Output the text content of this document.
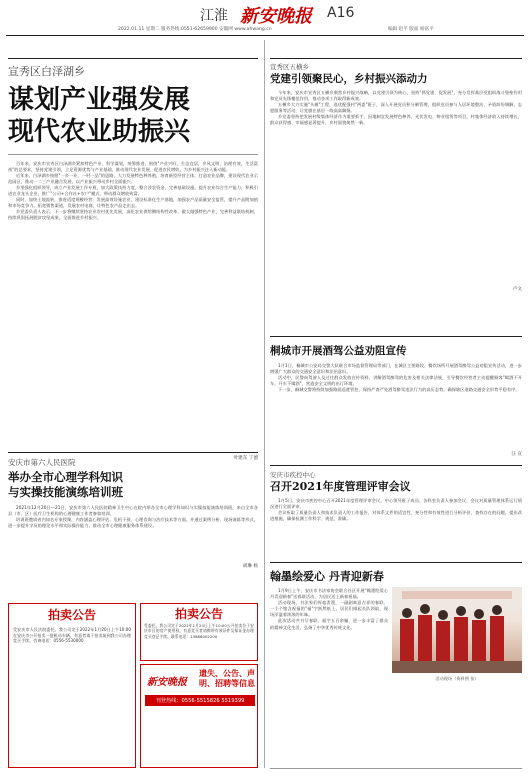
江淮 新安晚报 A16
2022.01.11 星期二 服务热线:0551-62659900 安徽网 www.ahwang.cn	编辑 赵平 版面 杨富平
宣秀区白泽湖乡
谋划产业强发展
现代农业助振兴

百年来，安庆市宣秀区白泽湖乡紧扣特色产业，科学谋划，统筹推进，围绕"产业兴旺，生态宜居，乡风文明，治理有效，生活富裕"的总要求，坚持党建引领，立足资源优势与产业基础，推动现代农业发展，促进农民增收，为乡村振兴注入新动能。

近年来，白泽湖乡按照"一乡一业，一村一品"的思路，大力发展特色种养殖，培育新型经营主体，打造农业品牌，建设现代农业示范园区，推动一二三产业融合发展，以产业振兴带动乡村全面振兴。

乡里强化组织领导，成立产业发展工作专班，加大政策扶持力度，整合涉农资金，完善基础设施，提升农业综合生产能力，积极引进农业龙头企业，推广"公司+合作社+农户"模式，带动群众增收致富。

同时，加快土地流转，推进适度规模经营，发展高效设施农业，建设标准化生产基地，加强农产品质量安全监管，提升产品附加值和市场竞争力，拓宽销售渠道，发展农村电商，让特色农产品走出去。

乡党委负责人表示，下一步将继续坚持农业农村优先发展，深化农业供给侧结构性改革，做大做强特色产业，完善利益联结机制，持续巩固拓展脱贫攻坚成果，全面推进乡村振兴。

叶建东 丁德
安庆市第六人民医院
举办全市心理学科知识
与实操技能演练培训班

2021年12月20日—21日，安庆市第六人民医院精神卫生中心在院内举办全市心理学科知识与实操技能演练培训班，来自全市各县（市、区）医疗卫生机构的心理健康工作者参加培训。

培训班邀请省内知名专家授课，内容涵盖心理评估、危机干预、心理咨询与治疗技术等方面，并通过案例分析、现场演练等形式，进一步提升学员的理论水平和实际操作能力，推动全市心理健康服务体系建设。

胡琳 杨
拍卖公告
受安庆市人民法院委托，我公司定于2022年1月20日上午10:00在安庆市公开拍卖一批机动车辆，有意者请于拍卖前到我公司办理竞买手续。咨询电话：0556-5530000
拍卖公告
受委托，我公司定于2022年1月24日上午10:00公开拍卖位于安庆市区的房产使用权，有意竞买者请携带有效证件及保证金办理竞买登记手续。联系电话：13866002200
新安晚报
遗失、公告、声明、招聘等信息
刊登热线：0556-5515826 5519399
宣秀区五横乡
党建引领聚民心，乡村振兴添动力

今年来，安庆市宣秀区五横乡聚焦乡村振兴战略，以党建引领为核心，坚持"抓党建、促发展"，充分发挥基层党组织战斗堡垒作用和党员先锋模范作用，推动各项工作取得新成效。

五横乡大力实施"头雁"工程，选优配强村"两委"班子，深入开展党员积分制管理，组织党员参与人居环境整治、矛盾纠纷调解、志愿服务等活动，让党旗在基层一线高高飘扬。

乡党委坚持把发展村级集体经济作为重要抓手，因地制宜发展特色种养、光伏发电、物业租赁等项目，村集体经济收入持续增长，群众获得感、幸福感显著提升，乡村面貌焕然一新。

卢文
桐城市开展酒驾公益劝阻宣传

1月1日，桐城市公安局交警大队联合市场监督管理局等部门，在城区主要路段、餐饮场所开展酒驾醉驾公益劝阻宣传活动，进一步增强广大群众的交通安全意识和法治意识。

活动中，民警向驾驶人及过往群众发放宣传资料，讲解酒驾醉驾的危害及相关法律法规，引导餐饮经营者主动提醒顾客"喝酒不开车，开车不喝酒"，营造安全文明的出行环境。

下一步，桐城交警将持续加强路面巡逻管控，保持严查严处酒驾醉驾违法行为的高压态势，确保辖区道路交通安全形势平稳有序。

汪 宣
安庆市疾控中心
召开2021年度管理评审会议

1月5日，安庆市疾控中心召开2021年度管理评审会议，中心领导班子成员、各科室负责人参加会议，会议对质量管理体系运行情况进行全面评审。

会议听取了质量负责人和技术负责人的工作报告，对体系文件的适宜性、充分性和有效性进行分析评价，查找存在的问题，提出改进措施，确保检测工作科学、规范、准确。

翰墨绘爱心 丹青迎新春

1月9日上午，安庆市书法家协会联合社区开展"翰墨绘爱心 丹青迎新春"送春联活动，为居民送上新春祝福。

活动现场，书法家们挥毫泼墨，一副副寓意吉祥的春联、一个个饱含祝福的"福"字跃然纸上，居民们排起长队领取，现场洋溢着浓浓的年味。

此次活动共书写春联、福字五百余幅，进一步丰富了群众的精神文化生活，弘扬了中华优秀传统文化。

活动现场（资料图 张）
